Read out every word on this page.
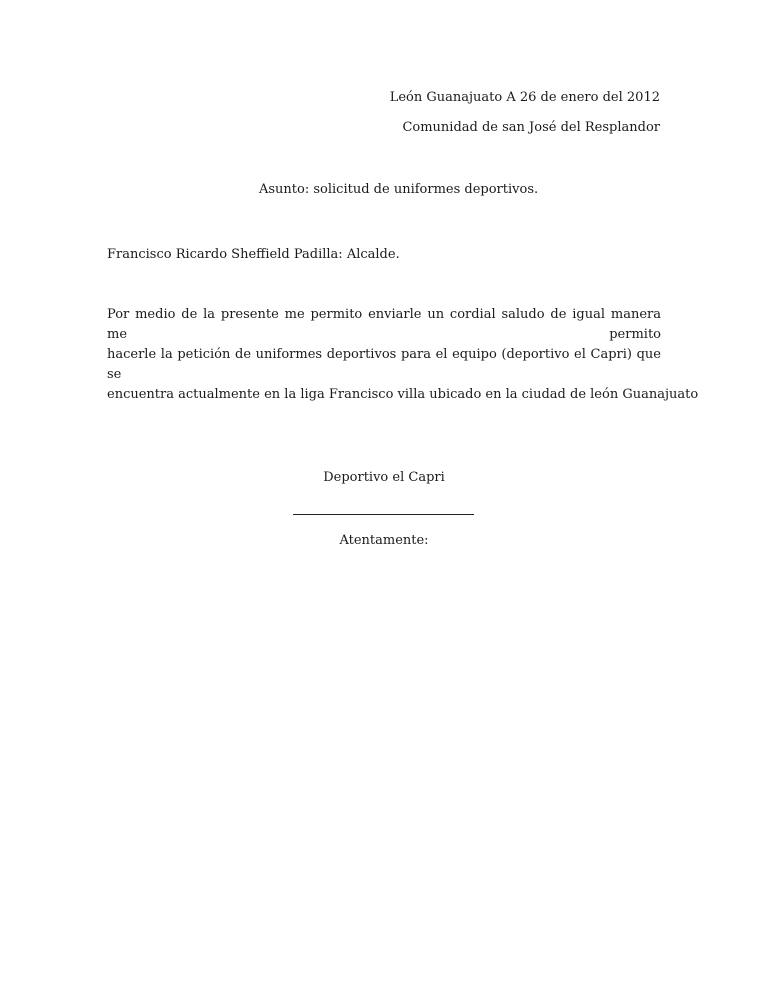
León Guanajuato A 26 de enero del 2012
Comunidad de san José del Resplandor
Asunto: solicitud de uniformes deportivos.
Francisco Ricardo Sheffield Padilla: Alcalde.
Por medio de la presente me permito enviarle un cordial saludo de igual manera me permito
hacerle la petición de uniformes deportivos para el equipo (deportivo el Capri) que se
encuentra actualmente en la liga Francisco villa ubicado en la ciudad de león Guanajuato
Deportivo el Capri
Atentamente:
